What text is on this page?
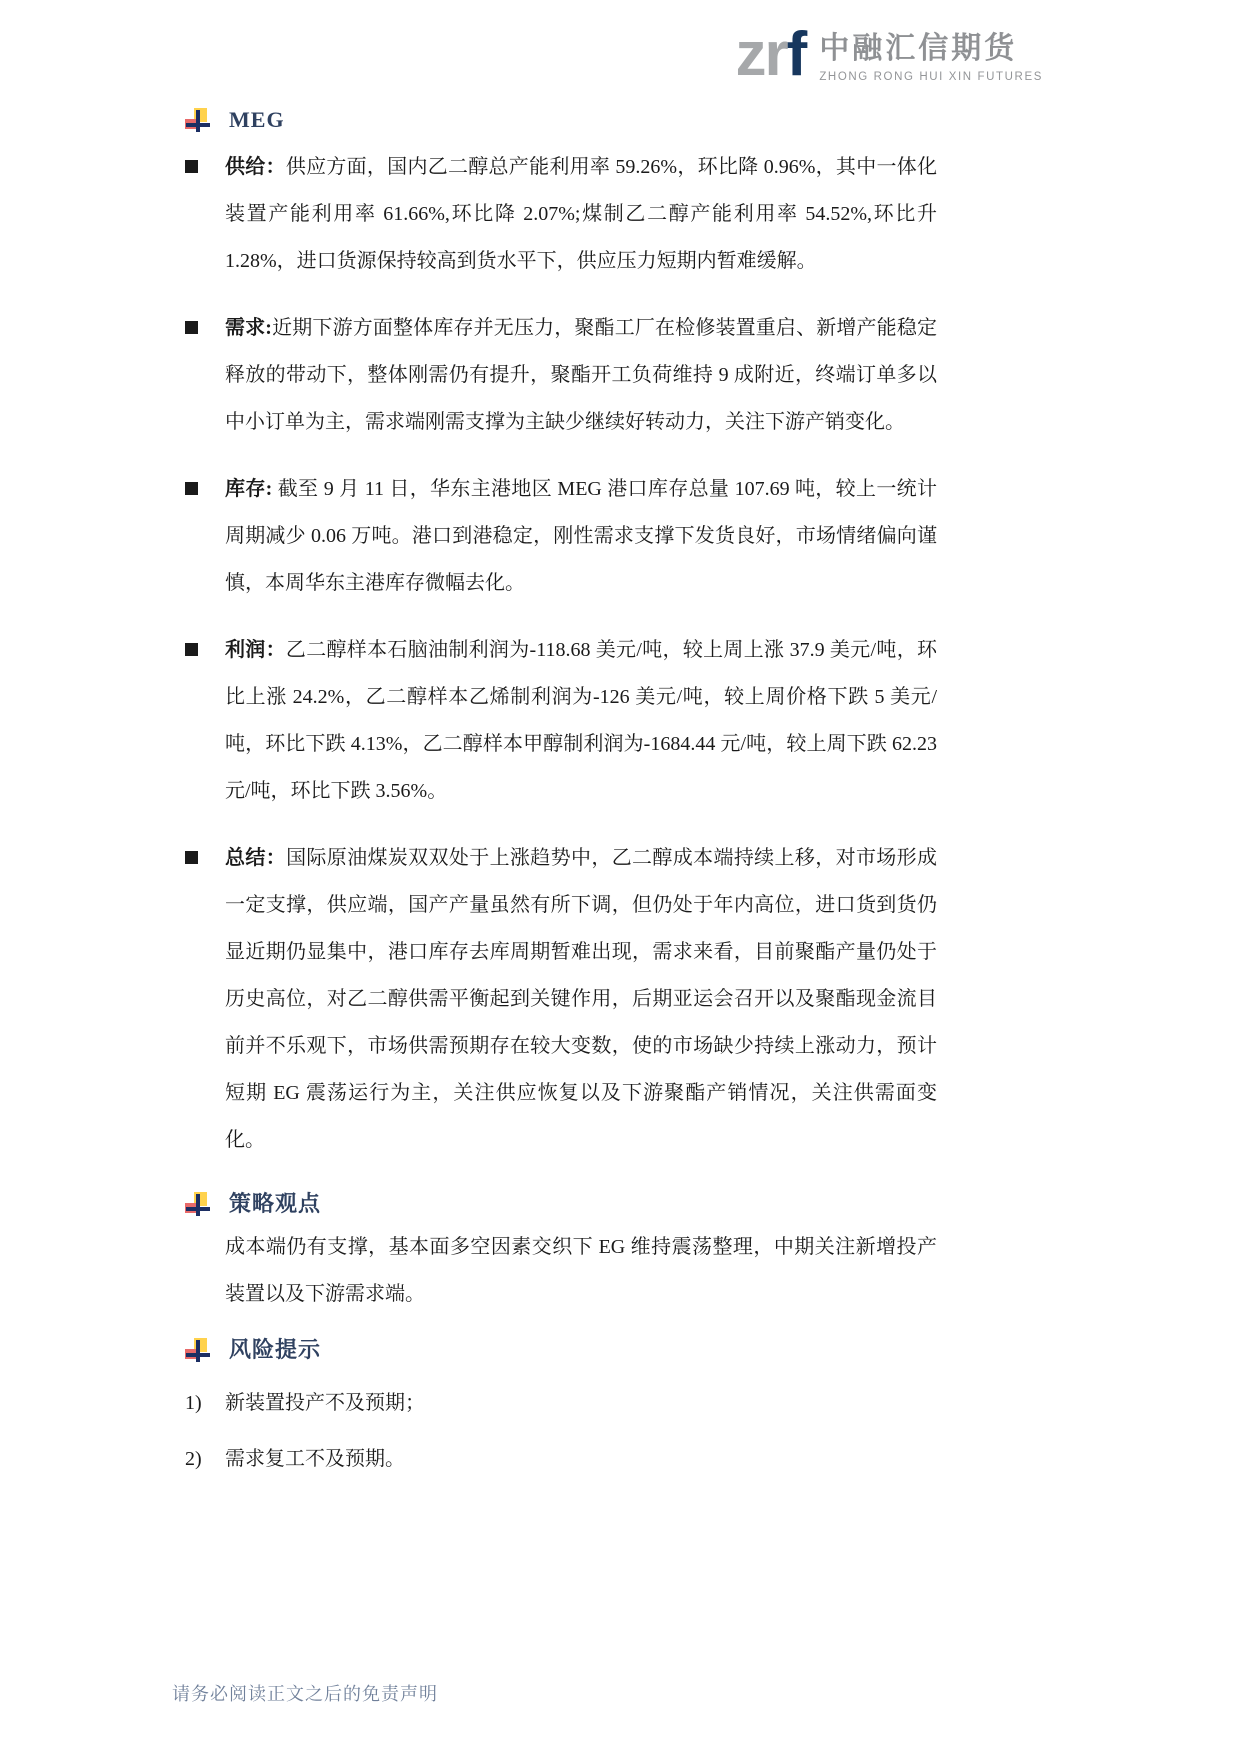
zrf 中融汇信期货
ZHONG RONG HUI XIN FUTURES
MEG
供给：供应方面，国内乙二醇总产能利用率 59.26%，环比降 0.96%，其中一体化装置产能利用率 61.66%,环比降 2.07%;煤制乙二醇产能利用率 54.52%,环比升 1.28%，进口货源保持较高到货水平下，供应压力短期内暂难缓解。
需求:近期下游方面整体库存并无压力，聚酯工厂在检修装置重启、新增产能稳定释放的带动下，整体刚需仍有提升，聚酯开工负荷维持 9 成附近，终端订单多以中小订单为主，需求端刚需支撑为主缺少继续好转动力，关注下游产销变化。
库存: 截至 9 月 11 日，华东主港地区 MEG 港口库存总量 107.69 吨，较上一统计周期减少 0.06 万吨。港口到港稳定，刚性需求支撑下发货良好，市场情绪偏向谨慎，本周华东主港库存微幅去化。
利润：乙二醇样本石脑油制利润为-118.68 美元/吨，较上周上涨 37.9 美元/吨，环比上涨 24.2%，乙二醇样本乙烯制利润为-126 美元/吨，较上周价格下跌 5 美元/吨，环比下跌 4.13%，乙二醇样本甲醇制利润为-1684.44 元/吨，较上周下跌 62.23 元/吨，环比下跌 3.56%。
总结：国际原油煤炭双双处于上涨趋势中，乙二醇成本端持续上移，对市场形成一定支撑，供应端，国产产量虽然有所下调，但仍处于年内高位，进口货到货仍显近期仍显集中，港口库存去库周期暂难出现，需求来看，目前聚酯产量仍处于历史高位，对乙二醇供需平衡起到关键作用，后期亚运会召开以及聚酯现金流目前并不乐观下，市场供需预期存在较大变数，使的市场缺少持续上涨动力，预计短期 EG 震荡运行为主，关注供应恢复以及下游聚酯产销情况，关注供需面变化。
策略观点
成本端仍有支撑，基本面多空因素交织下 EG 维持震荡整理，中期关注新增投产装置以及下游需求端。
风险提示
1)	新装置投产不及预期；
2)	需求复工不及预期。
请务必阅读正文之后的免责声明
